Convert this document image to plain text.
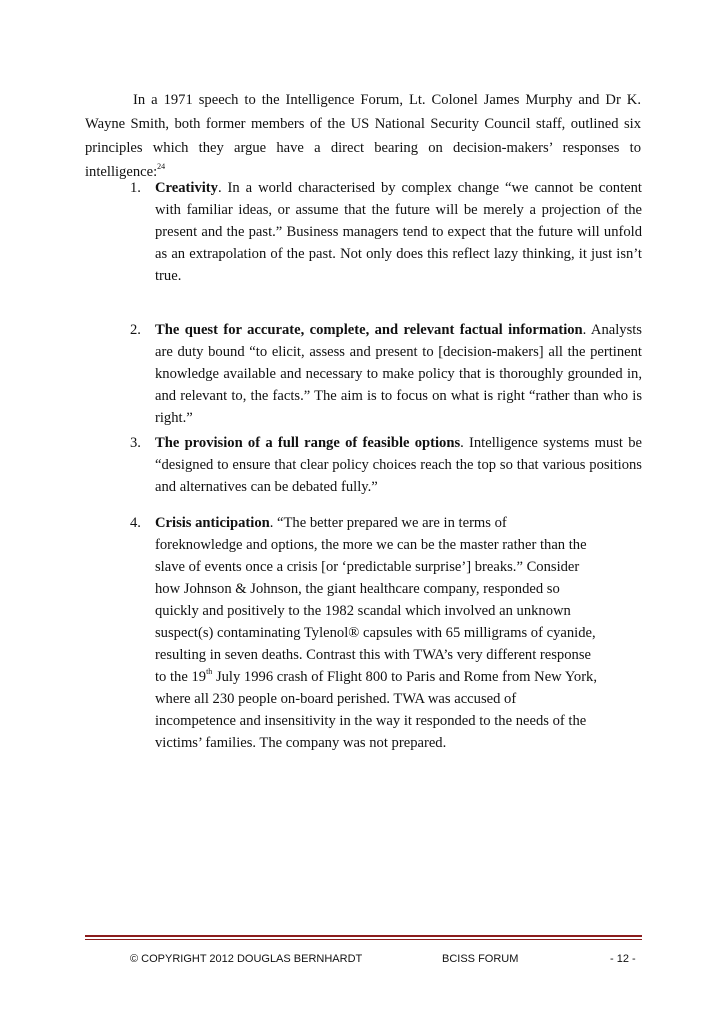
In a 1971 speech to the Intelligence Forum, Lt. Colonel James Murphy and Dr K. Wayne Smith, both former members of the US National Security Council staff, outlined six principles which they argue have a direct bearing on decision-makers’ responses to intelligence:$^{24}$

1. Creativity. In a world characterised by complex change “we cannot be content with familiar ideas, or assume that the future will be merely a projection of the present and the past.” Business managers tend to expect that the future will unfold as an extrapolation of the past. Not only does this reflect lazy thinking, it just isn’t true.
2. The quest for accurate, complete, and relevant factual information. Analysts are duty bound “to elicit, assess and present to [decision-makers] all the pertinent knowledge available and necessary to make policy that is thoroughly grounded in, and relevant to, the facts.” The aim is to focus on what is right “rather than who is right.”
3. The provision of a full range of feasible options. Intelligence systems must be “designed to ensure that clear policy choices reach the top so that various positions and alternatives can be debated fully.”
4. Crisis anticipation. “The better prepared we are in terms of foreknowledge and options, the more we can be the master rather than the slave of events once a crisis [or ‘predictable surprise’] breaks.” Consider how Johnson & Johnson, the giant healthcare company, responded so quickly and positively to the 1982 scandal which involved an unknown suspect(s) contaminating Tylenol® capsules with 65 milligrams of cyanide, resulting in seven deaths. Contrast this with TWA’s very different response to the 19th July 1996 crash of Flight 800 to Paris and Rome from New York, where all 230 people on-board perished. TWA was accused of incompetence and insensitivity in the way it responded to the needs of the victims’ families. The company was not prepared.
© COPYRIGHT 2012 DOUGLAS BERNHARDT	BCISS FORUM	- 12 -
